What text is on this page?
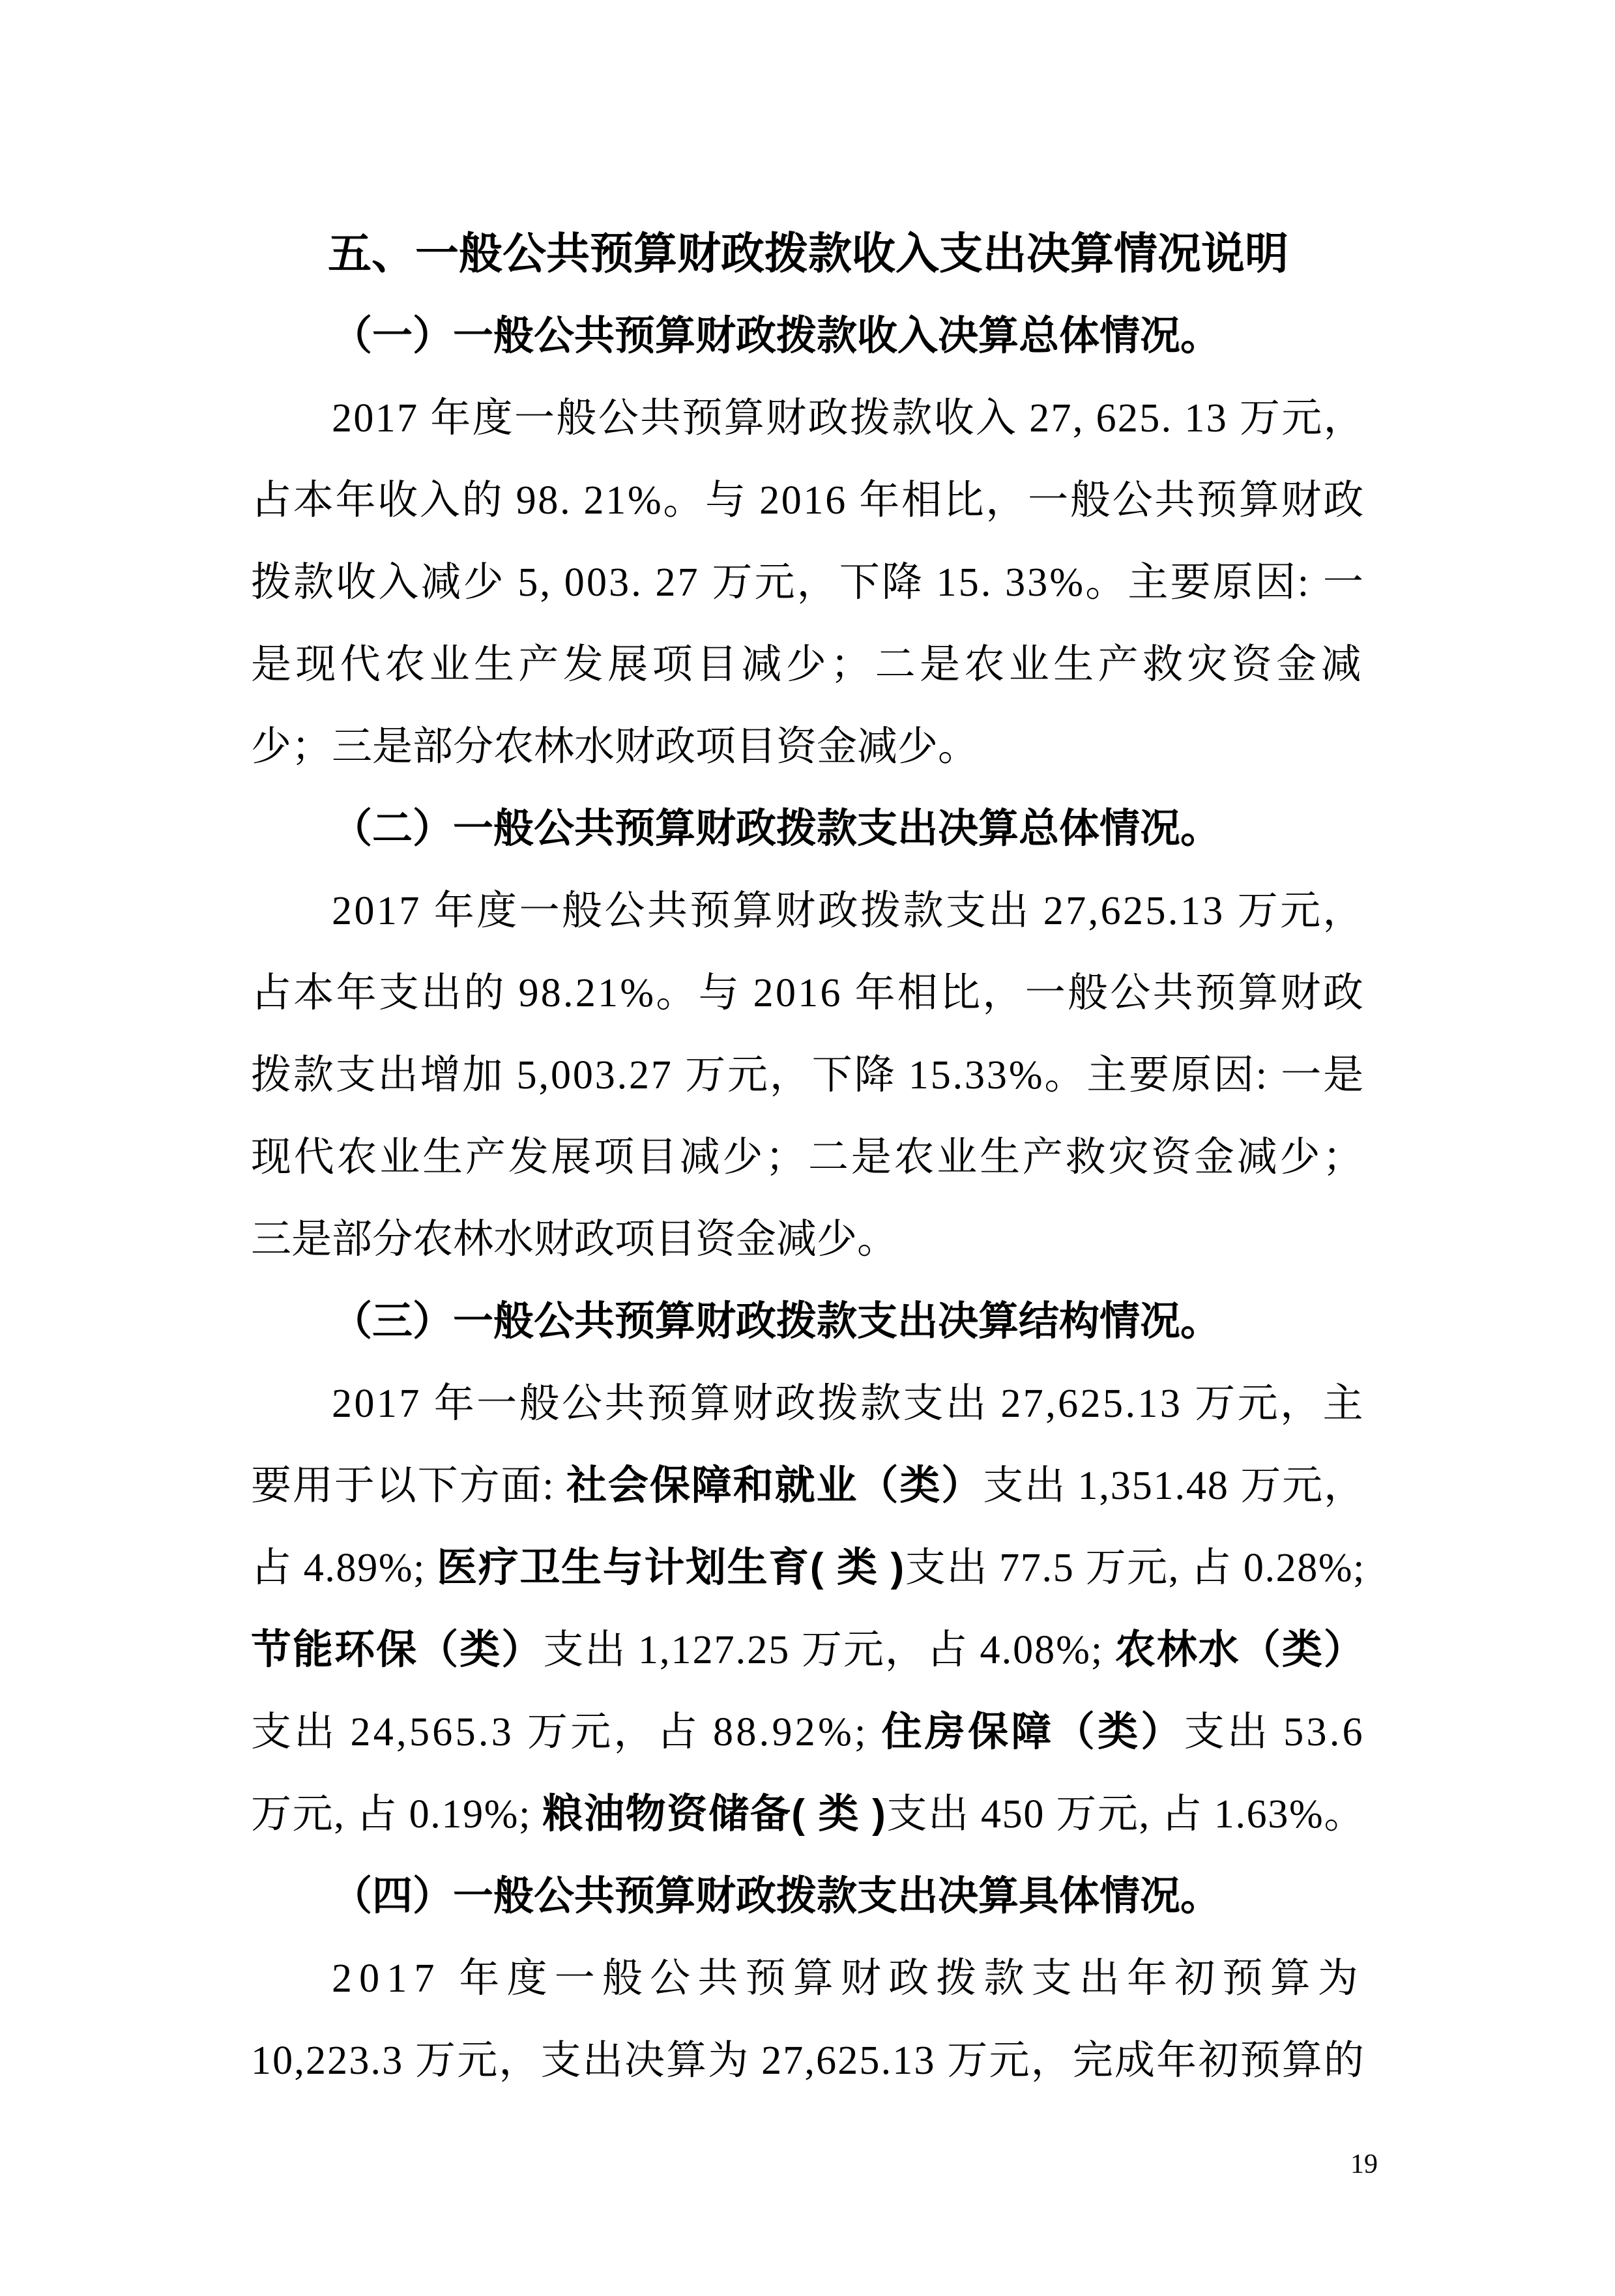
五、一般公共预算财政拨款收入支出决算情况说明
（一）一般公共预算财政拨款收入决算总体情况。
2017 年度一般公共预算财政拨款收入 27, 625. 13 万元，
占本年收入的 98. 21%。与 2016 年相比，一般公共预算财政
拨款收入减少 5, 003. 27 万元，下降 15. 33%。主要原因: 一
是现代农业生产发展项目减少；二是农业生产救灾资金减
少；三是部分农林水财政项目资金减少。
（二）一般公共预算财政拨款支出决算总体情况。
2017 年度一般公共预算财政拨款支出 27,625.13 万元，
占本年支出的 98.21%。与 2016 年相比，一般公共预算财政
拨款支出增加 5,003.27 万元，下降 15.33%。主要原因: 一是
现代农业生产发展项目减少；二是农业生产救灾资金减少；
三是部分农林水财政项目资金减少。
（三）一般公共预算财政拨款支出决算结构情况。
2017 年一般公共预算财政拨款支出 27,625.13 万元，主
要用于以下方面: 社会保障和就业（类）支出 1,351.48 万元，
占 4.89%; 医疗卫生与计划生育( 类 )支出 77.5 万元, 占 0.28%;
节能环保（类）支出 1,127.25 万元，占 4.08%; 农林水（类）
支出 24,565.3 万元，占 88.92%; 住房保障（类）支出 53.6
万元, 占 0.19%; 粮油物资储备( 类 )支出 450 万元, 占 1.63%。
（四）一般公共预算财政拨款支出决算具体情况。
2017 年度一般公共预算财政拨款支出年初预算为
10,223.3 万元，支出决算为 27,625.13 万元，完成年初预算的
19
